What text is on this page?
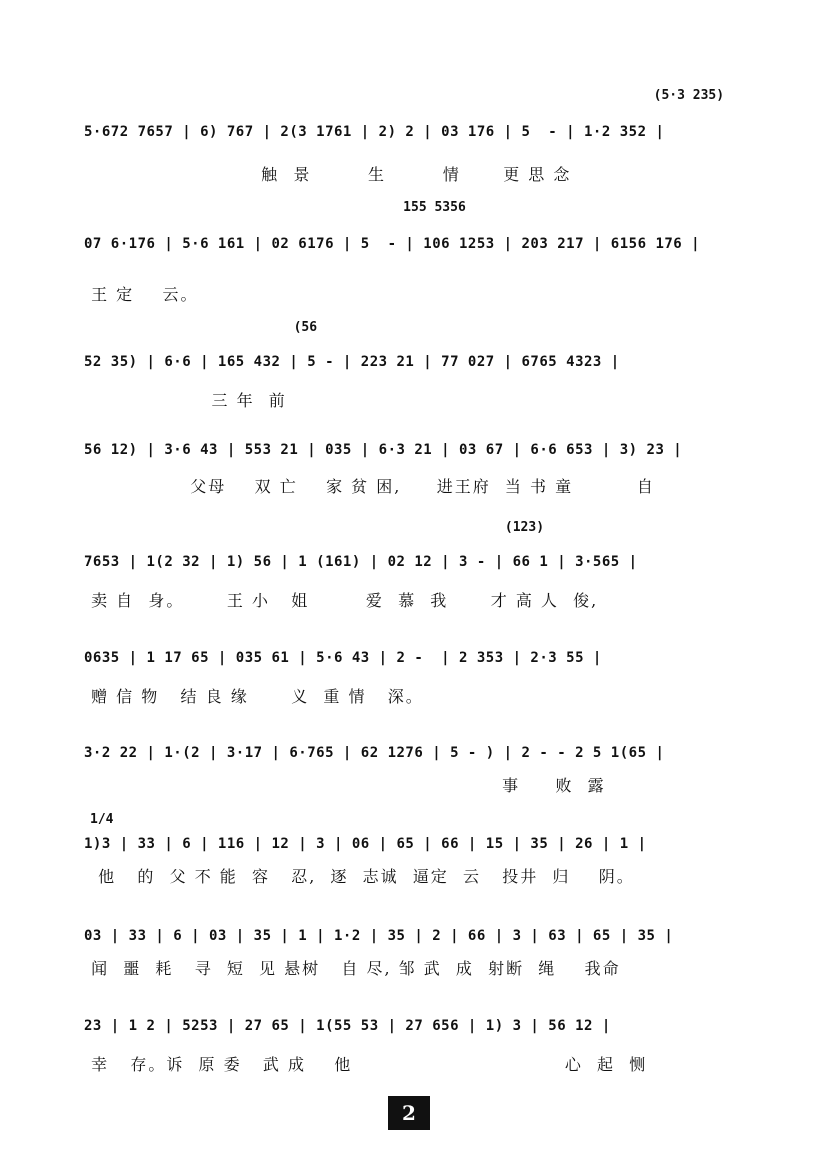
(5·3 235)
5·672 7657 | 6) 767 | 2(3 1761 | 2) 2 | 03 176 | 5  - | 1·2 352 |
触  景        生        情      更 思 念
155 5356
07 6·176 | 5·6 161 | 02 6176 | 5  - | 106 1253 | 203 217 | 6156 176 |
王 定    云。
(56
52 35) | 6·6 | 165 432 | 5 - | 223 21 | 77 027 | 6765 4323 |
三 年  前
56 12) | 3·6 43 | 553 21 | 035 | 6·3 21 | 03 67 | 6·6 653 | 3) 23 |
父母    双 亡    家 贫 困,     进王府  当 书 童         自
(123)
7653 | 1(2 32 | 1) 56 | 1 (161) | 02 12 | 3 - | 66 1 | 3·565 |
卖 自  身。      王 小   姐        爱  慕  我      才 高 人  俊,
0635 | 1 17 65 | 035 61 | 5·6 43 | 2 -  | 2 353 | 2·3 55 |
赠 信 物   结 良 缘      义  重 情   深。
3·2 22 | 1·(2 | 3·17 | 6·765 | 62 1276 | 5 - ) | 2 - - 2 5 1(65 |
事     败  露
1/4
1)3 | 33 | 6 | 116 | 12 | 3 | 06 | 65 | 66 | 15 | 35 | 26 | 1 |
他   的  父 不 能  容   忍,  逐  志诚  逼定  云   投井  归    阴。
03 | 33 | 6 | 03 | 35 | 1 | 1·2 | 35 | 2 | 66 | 3 | 63 | 65 | 35 |
闻  噩  耗   寻  短  见 悬树   自 尽, 邹 武  成  射断  绳    我命
23 | 1 2 | 5253 | 27 65 | 1(55 53 | 27 656 | 1) 3 | 56 12 |
幸   存。诉  原 委   武 成    他                              心  起  恻
2
